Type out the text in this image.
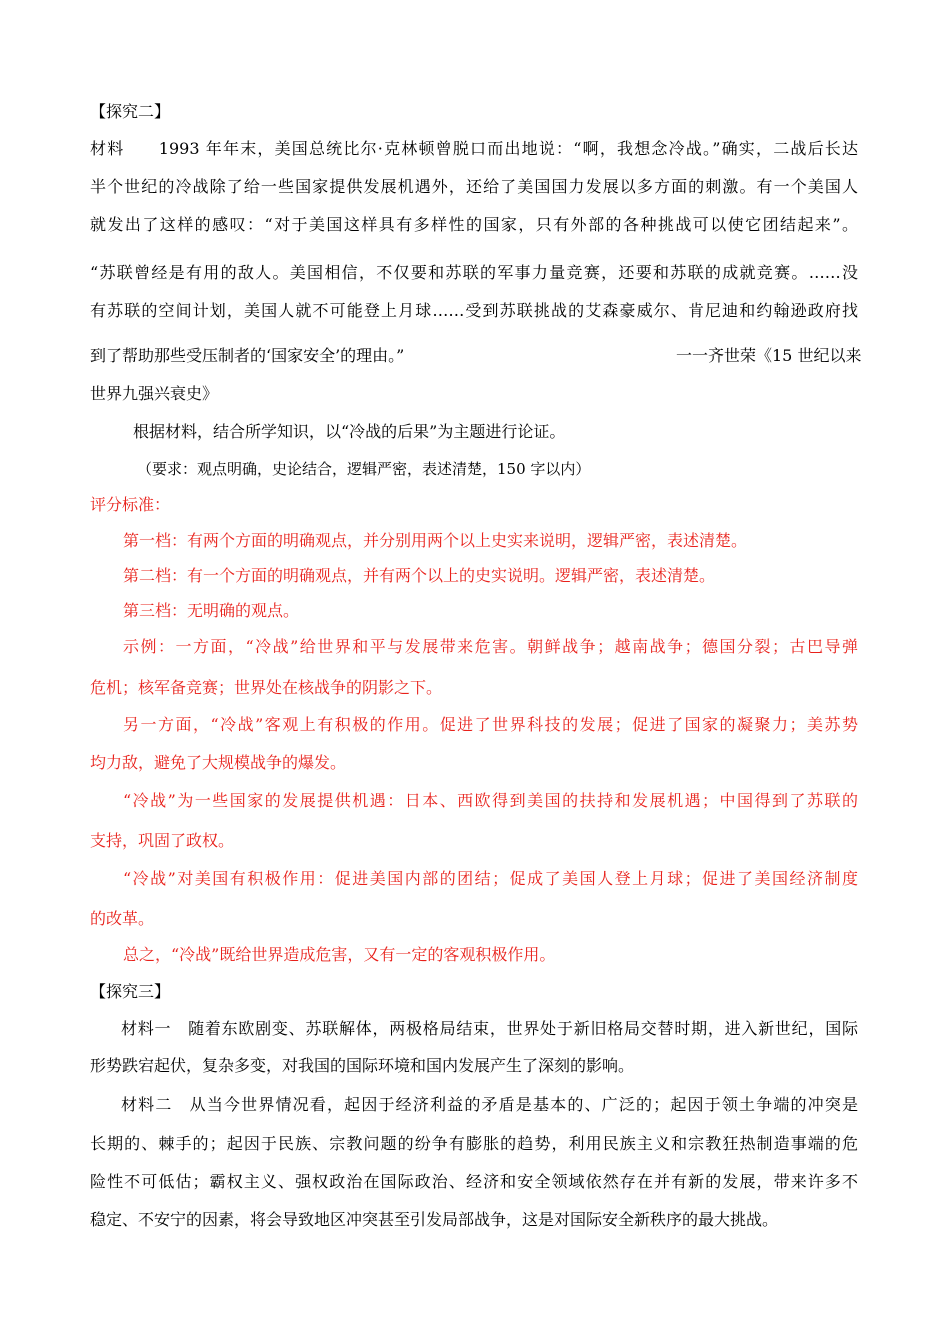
【探究二】
材料　　1993 年年末，美国总统比尔·克林顿曾脱口而出地说：“啊，我想念冷战。”确实，二战后长达
半个世纪的冷战除了给一些国家提供发展机遇外，还给了美国国力发展以多方面的刺激。有一个美国人
就发出了这样的感叹：“对于美国这样具有多样性的国家，只有外部的各种挑战可以使它团结起来”。
“苏联曾经是有用的敌人。美国相信，不仅要和苏联的军事力量竞赛，还要和苏联的成就竞赛。……没
有苏联的空间计划，美国人就不可能登上月球……受到苏联挑战的艾森豪威尔、肯尼迪和约翰逊政府找
到了帮助那些受压制者的‘国家安全’的理由。”	一一齐世荣《15 世纪以来
世界九强兴衰史》
根据材料，结合所学知识，以“冷战的后果”为主题进行论证。
（要求：观点明确，史论结合，逻辑严密，表述清楚，150 字以内）
评分标准：
第一档：有两个方面的明确观点，并分别用两个以上史实来说明，逻辑严密，表述清楚。
第二档：有一个方面的明确观点，并有两个以上的史实说明。逻辑严密，表述清楚。
第三档：无明确的观点。
示例：一方面，“冷战”给世界和平与发展带来危害。朝鲜战争；越南战争；德国分裂；古巴导弹
危机；核军备竞赛；世界处在核战争的阴影之下。
另一方面，“冷战”客观上有积极的作用。促进了世界科技的发展；促进了国家的凝聚力；美苏势
均力敌，避免了大规模战争的爆发。
“冷战”为一些国家的发展提供机遇：日本、西欧得到美国的扶持和发展机遇；中国得到了苏联的
支持，巩固了政权。
“冷战”对美国有积极作用：促进美国内部的团结；促成了美国人登上月球；促进了美国经济制度
的改革。
总之，“冷战”既给世界造成危害，又有一定的客观积极作用。
【探究三】
材料一　随着东欧剧变、苏联解体，两极格局结束，世界处于新旧格局交替时期，进入新世纪，国际
形势跌宕起伏，复杂多变，对我国的国际环境和国内发展产生了深刻的影响。
材料二　从当今世界情况看，起因于经济利益的矛盾是基本的、广泛的；起因于领土争端的冲突是
长期的、棘手的；起因于民族、宗教问题的纷争有膨胀的趋势，利用民族主义和宗教狂热制造事端的危
险性不可低估；霸权主义、强权政治在国际政治、经济和安全领域依然存在并有新的发展，带来许多不
稳定、不安宁的因素，将会导致地区冲突甚至引发局部战争，这是对国际安全新秩序的最大挑战。
